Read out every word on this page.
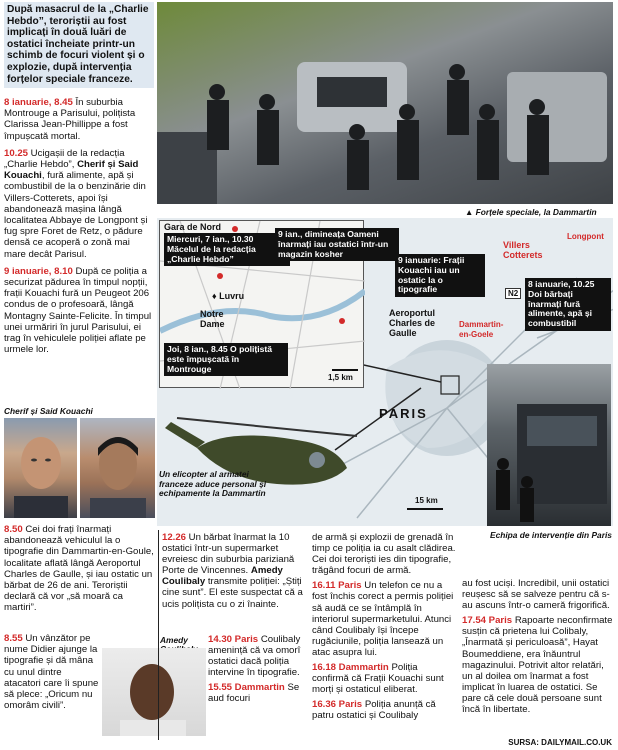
După masacrul de la „Charlie Hebdo”, teroriștii au fost implicați în două luări de ostatici încheiate printr-un schimb de focuri violent și o explozie, după intervenția forțelor speciale franceze.

8 ianuarie, 8.45 În suburbia Montrouge a Parisului, polițista Clarissa Jean-Phillippe a fost împușcată mortal.

10.25 Ucigașii de la redacția „Charlie Hebdo”, Cherif și Said Kouachi, fură alimente, apă și combustibil de la o benzinărie din Villers-Cotterets, apoi își abandonează mașina lângă localitatea Abbaye de Longpont și fug spre Foret de Retz, o pădure densă ce acoperă o zonă mai mare decât Parisul.

9 ianuarie, 8.10 După ce poliția a securizat pădurea în timpul nopții, frații Kouachi fură un Peugeot 206 condus de o profesoară, lângă Montagny Sainte-Felicite. În timpul unei urmăriri în jurul Parisului, ei trag în vehiculele poliției aflate pe urmele lor.

Cherif și Said Kouachi
8.50 Cei doi frați înarmați abandonează vehiculul la o tipografie din Dammartin-en-Goule, localitate aflată lângă Aeroportul Charles de Gaulle, și iau ostatic un bărbat de 26 de ani. Teroriștii declară că vor „să moară ca martiri”.
8.55 Un vânzător pe nume Didier ajunge la tipografie și dă mâna cu unul dintre atacatori care îi spune să plece: „Oricum nu omorâm civili”.
Amedy
▲ Forțele speciale, la Dammartin
Gara de Nord
Miercuri, 7 ian., 10.30 Măcelul de la redacția „Charlie Hebdo”
♦ Luvru
Notre Dame
Joi, 8 ian., 8.45 O polițistă este împușcată în Montrouge
1,5 km
9 ian., dimineața Oameni înarmați iau ostatici într-un magazin kosher
9 ianuarie: Frații Kouachi iau un ostatic la o tipografie
Villers Cotterets
Longpont
N2
8 ianuarie, 10.25 Doi bărbați înarmați fură alimente, apă și combustibil
Aeroportul Charles de Gaulle
Dammartin-en-Goele
PARIS
15 km
Un elicopter al armatei franceze aduce personal și echipamente la Dammartin
Echipa de intervenție din Paris

12.26 Un bărbat înarmat la 10 ostatici într-un supermarket evreiesc din suburbia pariziană Porte de Vincennes. Amedy Coulibaly transmite poliției: „Știți cine sunt”. El este suspectat că a ucis polițista cu o zi înainte.

14.30 Paris Coulibaly amenință că va omorî ostatici dacă poliția intervine în tipografie.

15.55 Dammartin Se aud focuri

de armă și explozii de grenadă în timp ce poliția ia cu asalt clădirea. Cei doi teroriști ies din tipografie, trăgând focuri de armă.

16.11 Paris Un telefon ce nu a fost închis corect a permis poliției să audă ce se întâmplă în interiorul supermarketului. Atunci când Coulibaly își începe rugăciunile, poliția lansează un atac asupra lui.

16.18 Dammartin Poliția confirmă că Frații Kouachi sunt morți și ostaticul eliberat.

16.36 Paris Poliția anunță că patru ostatici și Coulibaly

au fost uciși. Incredibil, unii ostatici reușesc să se salveze pentru că s-au ascuns într-o cameră frigorifică.

17.54 Paris Rapoarte neconfirmate susțin că prietena lui Colibaly, „Înarmată și periculoasă”, Hayat Boumeddiene, era înăuntrul magazinului. Potrivit altor relatări, un al doilea om înarmat a fost implicat în luarea de ostatici. Se pare că cele două persoane sunt încă în libertate.

SURSA: DAILYMAIL.CO.UK
